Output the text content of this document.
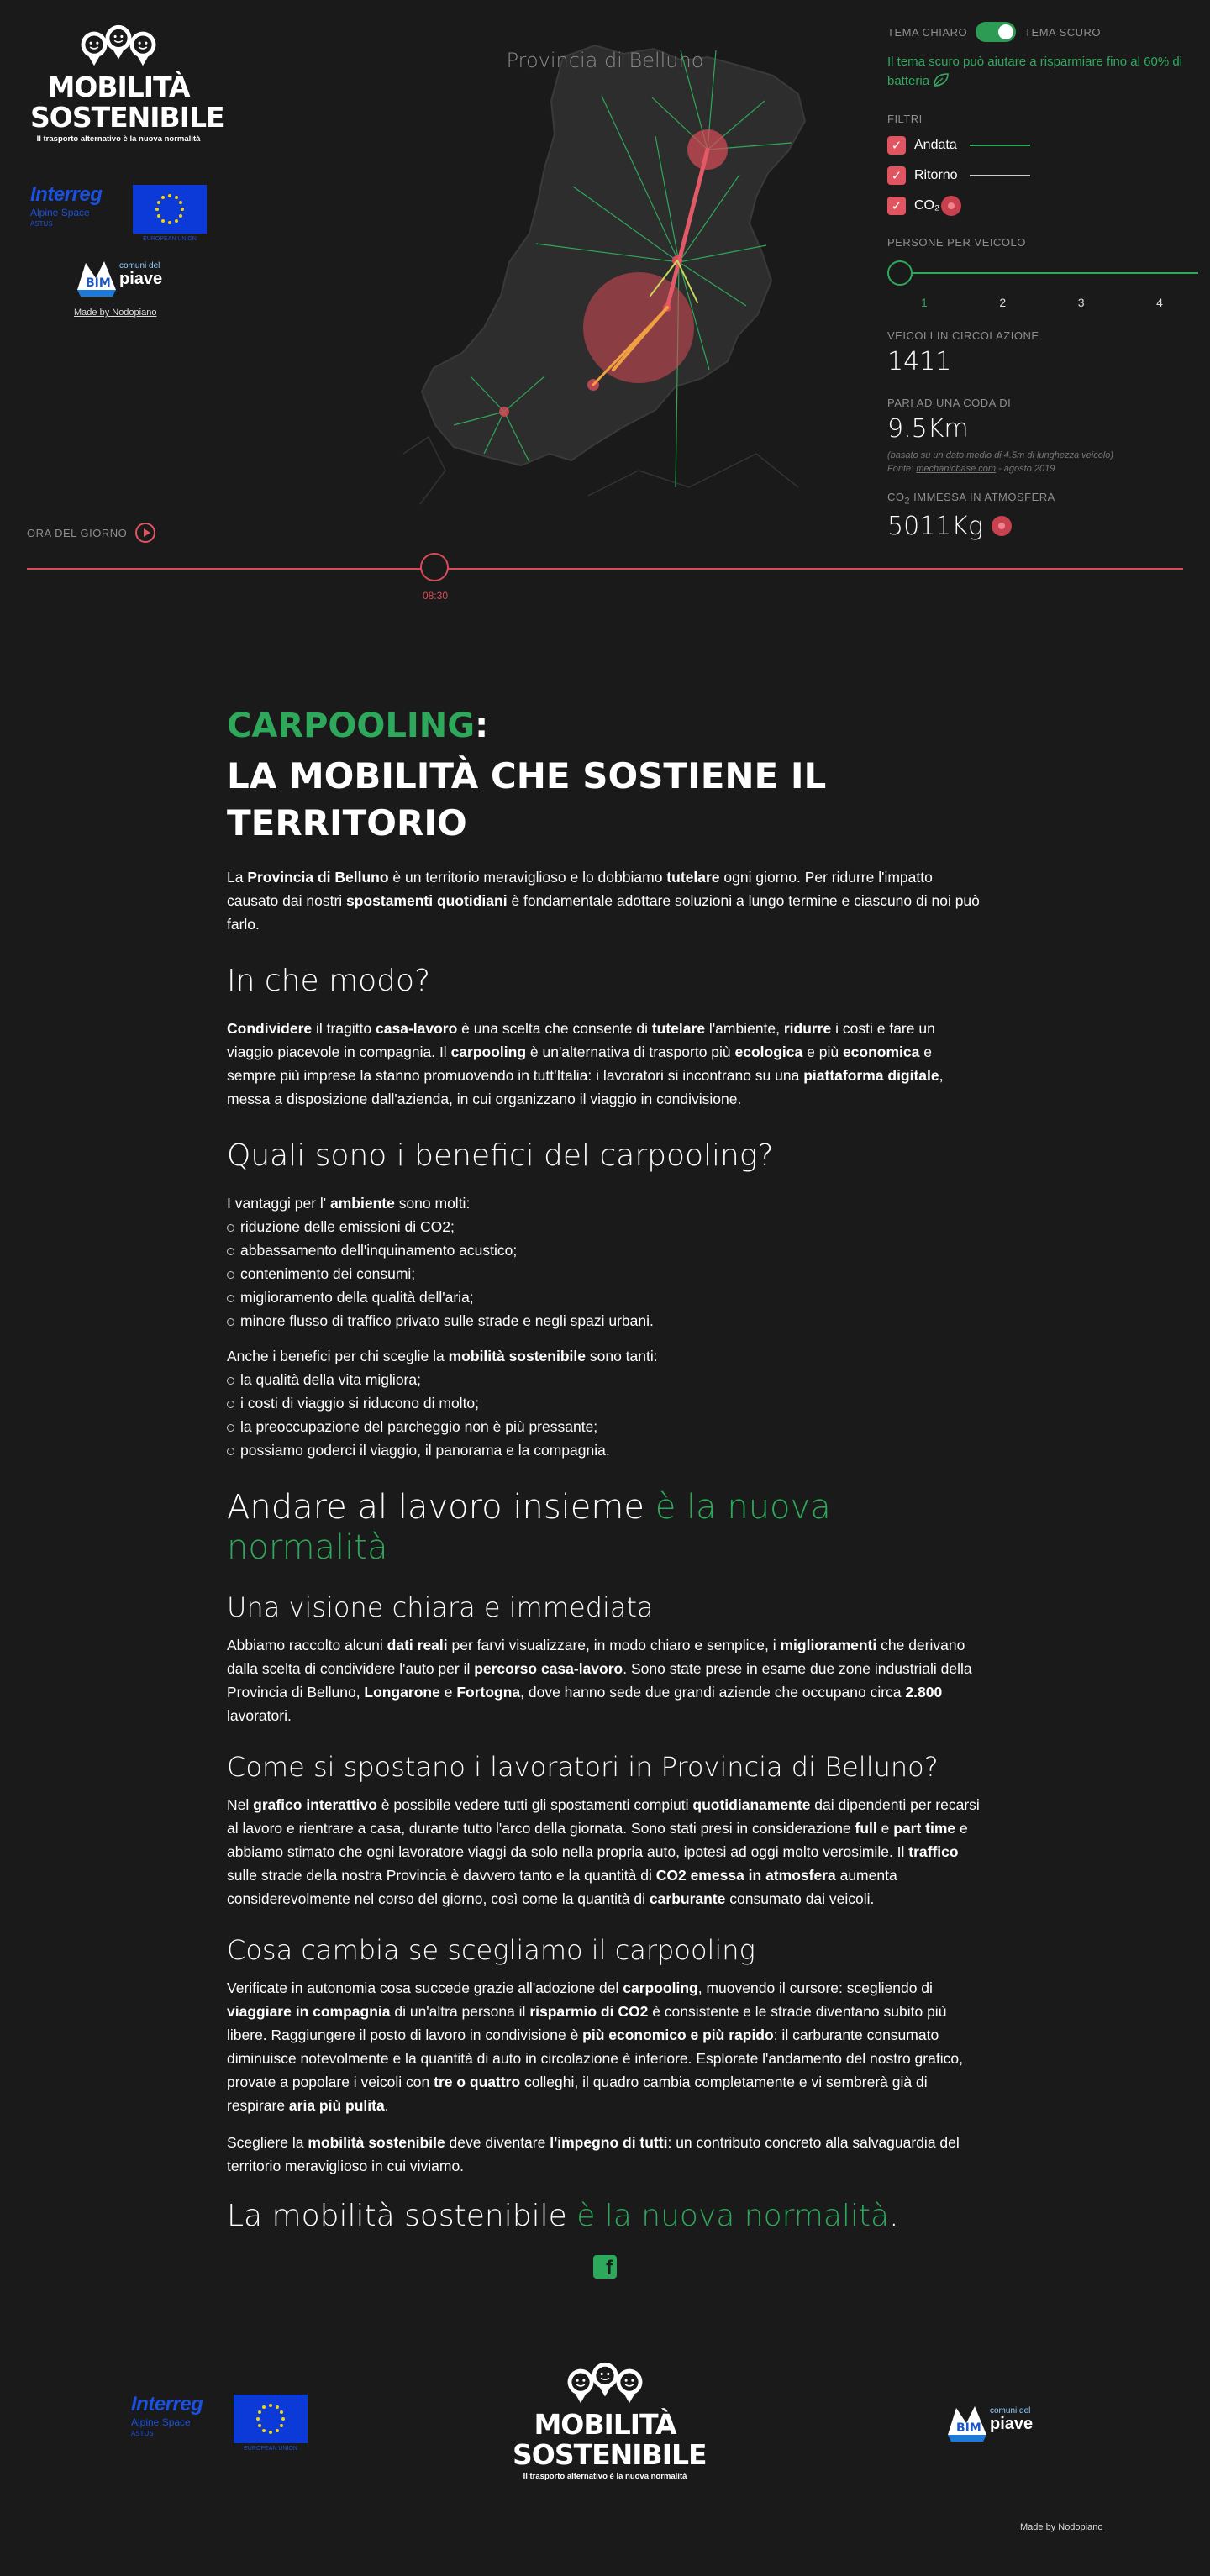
MOBILITÀ
SOSTENIBILE
Il trasporto alternativo è la nuova normalità
Interreg
Alpine Space
ASTUS
EUROPEAN UNION
BIM
comuni del
piave
Made by Nodopiano
Provincia di Belluno
TEMA CHIARO	TEMA SCURO
Il tema scuro può aiutare a risparmiare fino al 60% di batteria
FILTRI
✓ Andata
✓ Ritorno
✓ CO₂
PERSONE PER VEICOLO
1	2	3	4
VEICOLI IN CIRCOLAZIONE
1411
PARI AD UNA CODA DI
9.5Km
(basato su un dato medio di 4.5m di lunghezza veicolo)
Fonte: mechanicbase.com - agosto 2019
$CO_2$ IMMESSA IN ATMOSFERA
5011Kg
ORA DEL GIORNO
08:30
CARPOOLING:
LA MOBILITÀ CHE SOSTIENE IL TERRITORIO

La Provincia di Belluno è un territorio meraviglioso e lo dobbiamo tutelare ogni giorno. Per ridurre l'impatto causato dai nostri spostamenti quotidiani è fondamentale adottare soluzioni a lungo termine e ciascuno di noi può farlo.

In che modo?

Condividere il tragitto casa-lavoro è una scelta che consente di tutelare l'ambiente, ridurre i costi e fare un viaggio piacevole in compagnia. Il carpooling è un'alternativa di trasporto più ecologica e più economica e sempre più imprese la stanno promuovendo in tutt'Italia: i lavoratori si incontrano su una piattaforma digitale, messa a disposizione dall'azienda, in cui organizzano il viaggio in condivisione.

Quali sono i benefici del carpooling?

I vantaggi per l' ambiente sono molti:

riduzione delle emissioni di CO2;
abbassamento dell'inquinamento acustico;
contenimento dei consumi;
miglioramento della qualità dell'aria;
minore flusso di traffico privato sulle strade e negli spazi urbani.

Anche i benefici per chi sceglie la mobilità sostenibile sono tanti:

la qualità della vita migliora;
i costi di viaggio si riducono di molto;
la preoccupazione del parcheggio non è più pressante;
possiamo goderci il viaggio, il panorama e la compagnia.
Andare al lavoro insieme è la nuova normalità
Una visione chiara e immediata

Abbiamo raccolto alcuni dati reali per farvi visualizzare, in modo chiaro e semplice, i miglioramenti che derivano dalla scelta di condividere l'auto per il percorso casa-lavoro. Sono state prese in esame due zone industriali della Provincia di Belluno, Longarone e Fortogna, dove hanno sede due grandi aziende che occupano circa 2.800 lavoratori.

Come si spostano i lavoratori in Provincia di Belluno?

Nel grafico interattivo è possibile vedere tutti gli spostamenti compiuti quotidianamente dai dipendenti per recarsi al lavoro e rientrare a casa, durante tutto l'arco della giornata. Sono stati presi in considerazione full e part time e abbiamo stimato che ogni lavoratore viaggi da solo nella propria auto, ipotesi ad oggi molto verosimile. Il traffico sulle strade della nostra Provincia è davvero tanto e la quantità di CO2 emessa in atmosfera aumenta considerevolmente nel corso del giorno, così come la quantità di carburante consumato dai veicoli.

Cosa cambia se scegliamo il carpooling

Verificate in autonomia cosa succede grazie all'adozione del carpooling, muovendo il cursore: scegliendo di viaggiare in compagnia di un'altra persona il risparmio di CO2 è consistente e le strade diventano subito più libere. Raggiungere il posto di lavoro in condivisione è più economico e più rapido: il carburante consumato diminuisce notevolmente e la quantità di auto in circolazione è inferiore. Esplorate l'andamento del nostro grafico, provate a popolare i veicoli con tre o quattro colleghi, il quadro cambia completamente e vi sembrerà già di respirare aria più pulita.

Scegliere la mobilità sostenibile deve diventare l'impegno di tutti: un contributo concreto alla salvaguardia del territorio meraviglioso in cui viviamo.

La mobilità sostenibile è la nuova normalità.
f
Interreg
Alpine Space
ASTUS
EUROPEAN UNION
MOBILITÀ
SOSTENIBILE
Il trasporto alternativo è la nuova normalità
BIM
comuni del
piave
Made by Nodopiano
